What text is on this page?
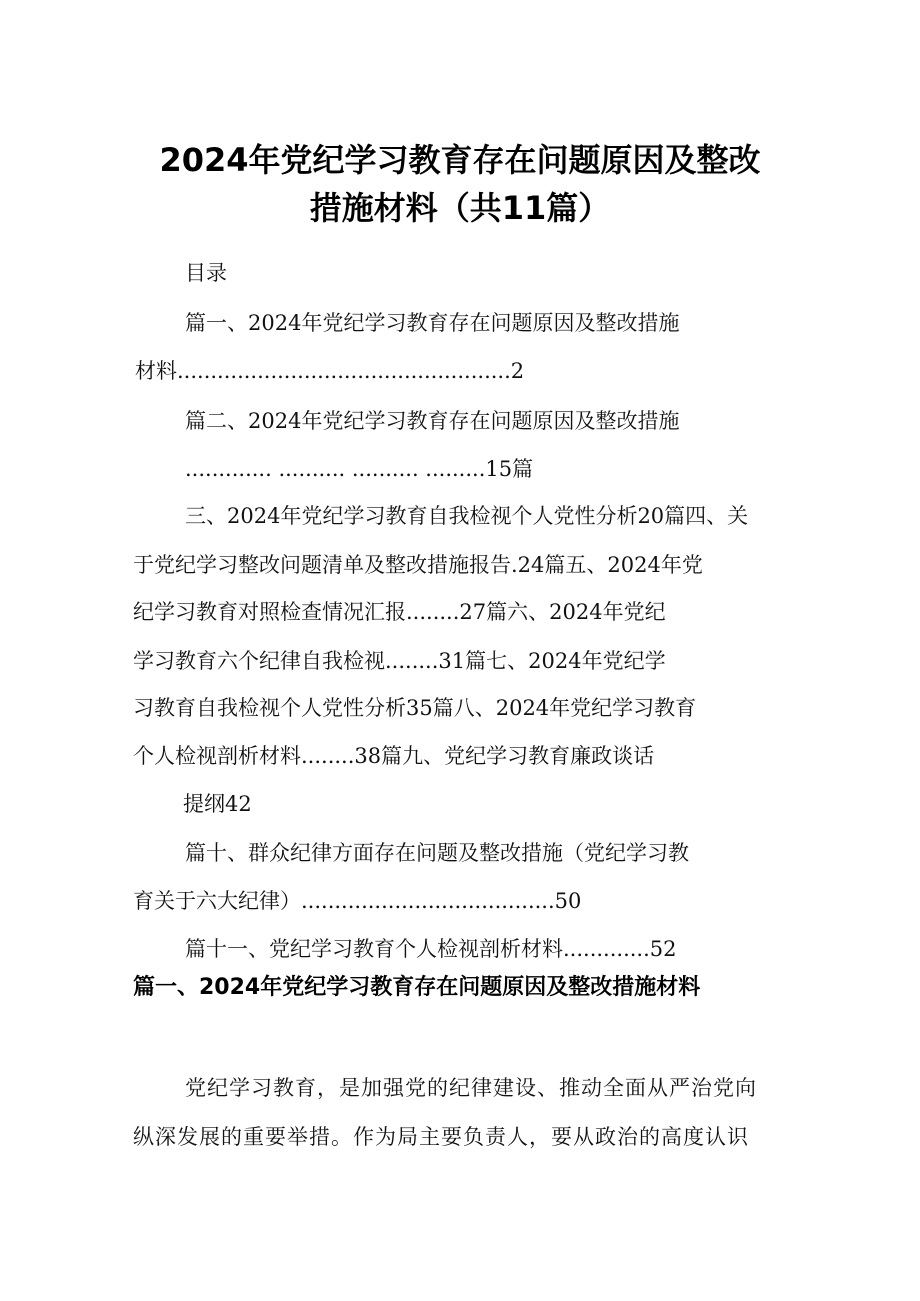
2024年党纪学习教育存在问题原因及整改
措施材料（共11篇）
目录
篇一、2024年党纪学习教育存在问题原因及整改措施
材料..................................................2
篇二、2024年党纪学习教育存在问题原因及整改措施
............. .......... .......... .........15篇
三、2024年党纪学习教育自我检视个人党性分析20篇四、关
于党纪学习整改问题清单及整改措施报告.24篇五、2024年党
纪学习教育对照检查情况汇报........27篇六、2024年党纪
学习教育六个纪律自我检视........31篇七、2024年党纪学
习教育自我检视个人党性分析35篇八、2024年党纪学习教育
个人检视剖析材料........38篇九、党纪学习教育廉政谈话
提纲42
篇十、群众纪律方面存在问题及整改措施（党纪学习教
育关于六大纪律）......................................50
篇十一、党纪学习教育个人检视剖析材料.............52
篇一、2024年党纪学习教育存在问题原因及整改措施材料
党纪学习教育，是加强党的纪律建设、推动全面从严治党向
纵深发展的重要举措。作为局主要负责人，要从政治的高度认识
